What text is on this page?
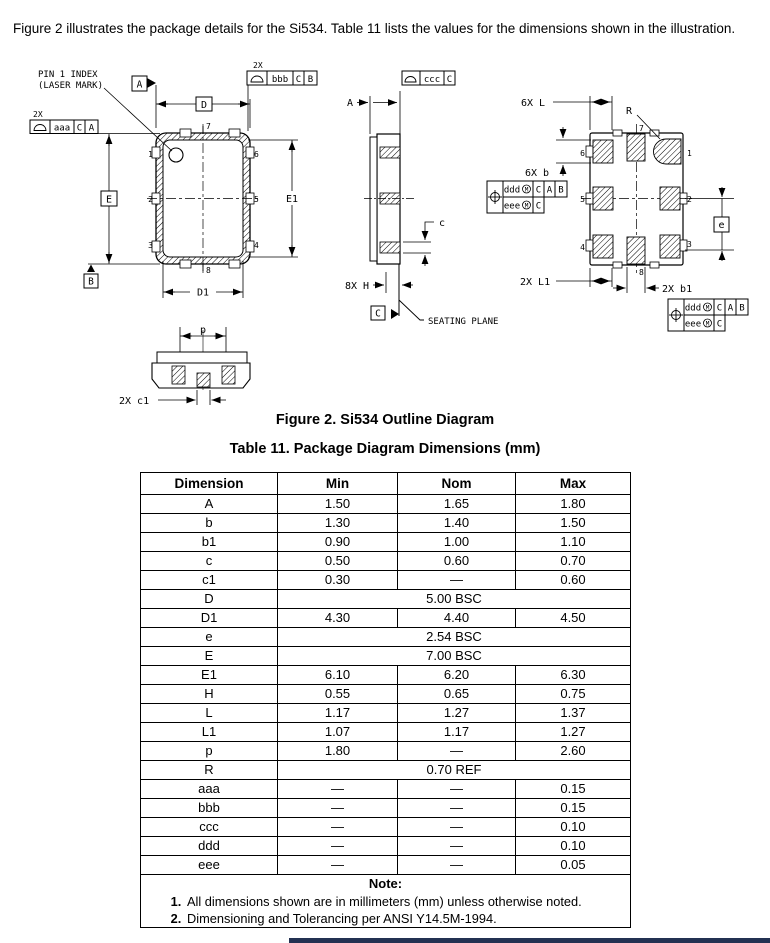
Figure 2 illustrates the package details for the Si534. Table 11 lists the values for the dimensions shown in the illustration.

D
A
2X
aaa C A
E
B
E1
D1
1
2
3
6
5
4
7
8
PIN 1 INDEX
(LASER MARK)
2X
bbb C B
A
ccc C
c
8X H
C
SEATING PLANE
6X L
R
6X b
ddd M C A B
eee M C
e
2X L1
2X b1
ddd M C A B
eee M C
6
5
4
1
2
3
7
8
p
2X c1
Figure 2. Si534 Outline Diagram
Table 11. Package Diagram Dimensions (mm)
Dimension	Min	Nom	Max
A	1.50	1.65	1.80
b	1.30	1.40	1.50
b1	0.90	1.00	1.10
c	0.50	0.60	0.70
c1	0.30	—	0.60
D	5.00 BSC		
D1	4.30	4.40	4.50
e	2.54 BSC		
E	7.00 BSC		
E1	6.10	6.20	6.30
H	0.55	0.65	0.75
L	1.17	1.27	1.37
L1	1.07	1.17	1.27
p	1.80	—	2.60
R	0.70 REF		
aaa	—	—	0.15
bbb	—	—	0.15
ccc	—	—	0.10
ddd	—	—	0.10
eee	—	—	0.05

Note:
1. All dimensions shown are in millimeters (mm) unless otherwise noted.
2. Dimensioning and Tolerancing per ANSI Y14.5M-1994.			
